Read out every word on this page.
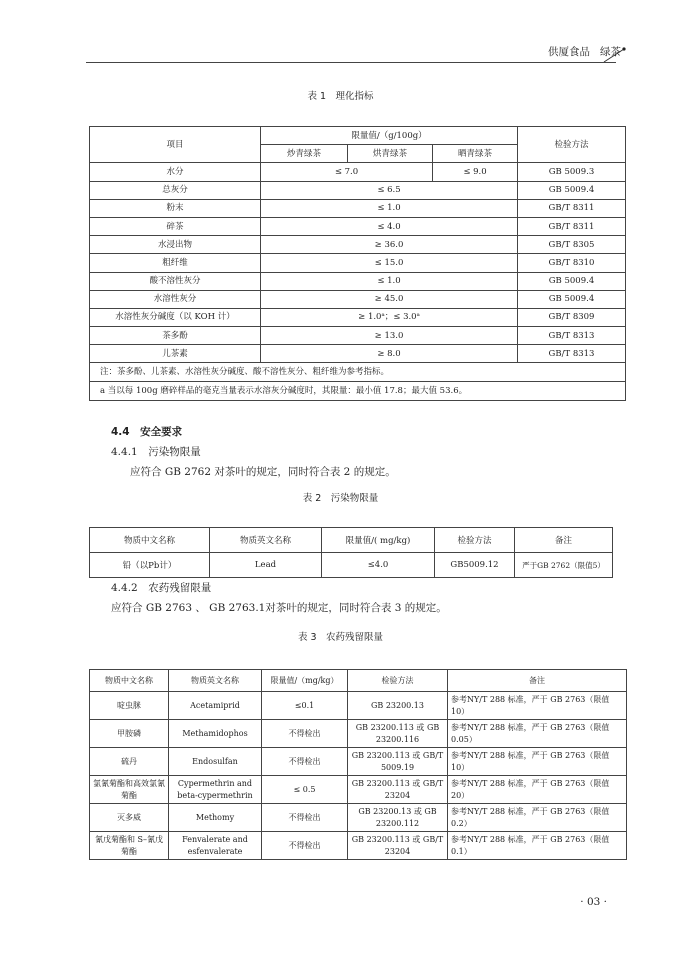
供厦食品 绿茶
表 1　理化指标
项目	限量值/（g/100g）			检验方法
	炒青绿茶	烘青绿茶	晒青绿茶	
水分	≤ 7.0		≤ 9.0	GB 5009.3
总灰分	≤ 6.5			GB 5009.4
粉末	≤ 1.0			GB/T 8311
碎茶	≤ 4.0			GB/T 8311
水浸出物	≥ 36.0			GB/T 8305
粗纤维	≤ 15.0			GB/T 8310
酸不溶性灰分	≤ 1.0			GB 5009.4
水溶性灰分	≥ 45.0			GB 5009.4
水溶性灰分碱度（以 KOH 计）	≥ 1.0ᵃ；≤ 3.0ᵃ			GB/T 8309
茶多酚	≥ 13.0			GB/T 8313
儿茶素	≥ 8.0			GB/T 8313
注：茶多酚、儿茶素、水溶性灰分碱度、酸不溶性灰分、粗纤维为参考指标。				
a 当以每 100g 磨碎样品的毫克当量表示水溶灰分碱度时，其限量：最小值 17.8；最大值 53.6。				
4.4　安全要求
4.4.1　污染物限量
应符合 GB 2762 对茶叶的规定，同时符合表 2 的规定。
表 2　污染物限量
物质中文名称	物质英文名称	限量值/( mg/kg)	检验方法	备注
铅（以Pb计）	Lead	≤4.0	GB5009.12	严于GB 2762（限值5）
4.4.2　农药残留限量
应符合 GB 2763 、 GB 2763.1对茶叶的规定，同时符合表 3 的规定。
表 3　农药残留限量
物质中文名称	物质英文名称	限量值/（mg/kg）	检验方法	备注
啶虫脒	Acetamiprid	≤0.1	GB 23200.13	参考NY/T 288 标准，严于 GB 2763（限值 10）
甲胺磷	Methamidophos	不得检出	GB 23200.113 或 GB 23200.116	参考NY/T 288 标准，严于 GB 2763（限值 0.05）
硫丹	Endosulfan	不得检出	GB 23200.113 或 GB/T 5009.19	参考NY/T 288 标准，严于 GB 2763（限值 10）
氯氰菊酯和高效氯氰菊酯	Cypermethrin and beta-cypermethrin	≤ 0.5	GB 23200.113 或 GB/T 23204	参考NY/T 288 标准，严于 GB 2763（限值 20）
灭多威	Methomy	不得检出	GB 23200.13 或 GB 23200.112	参考NY/T 288 标准，严于 GB 2763（限值 0.2）
氰戊菊酯和 S–氰戊菊酯	Fenvalerate and esfenvalerate	不得检出	GB 23200.113 或 GB/T 23204	参考NY/T 288 标准，严于 GB 2763（限值 0.1）
· 03 ·
